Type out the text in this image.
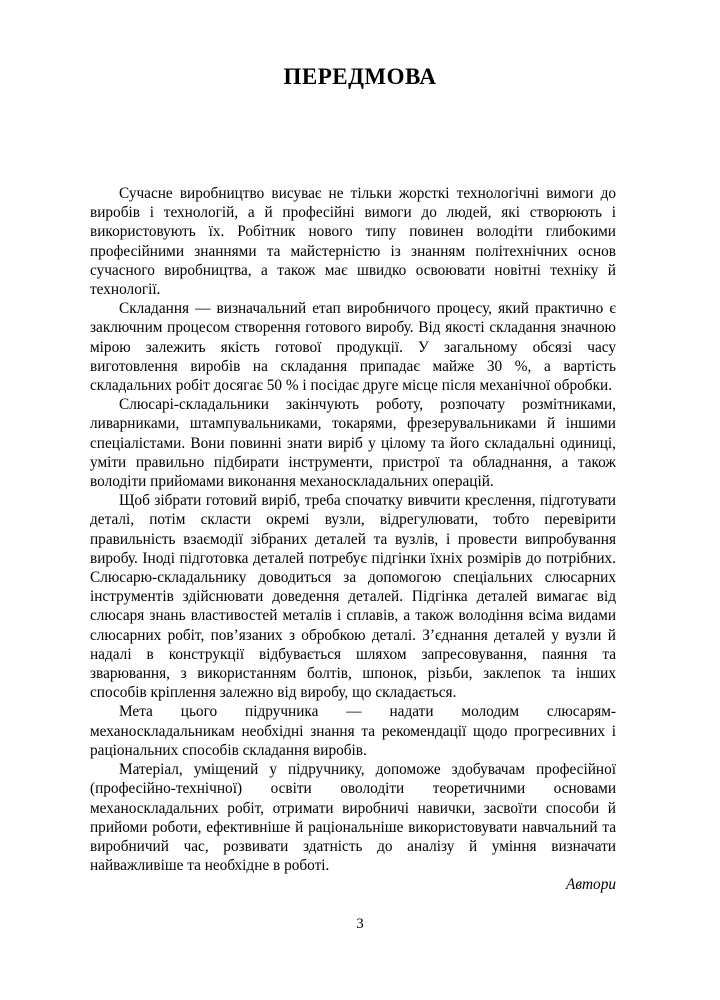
ПЕРЕДМОВА

Сучасне виробництво висуває не тільки жорсткі технологічні вимоги до виробів і технологій, а й професійні вимоги до людей, які створюють і використовують їх. Робітник нового типу повинен володіти глибокими професійними знаннями та майстерністю із знанням політехнічних основ сучасного виробництва, а також має швидко освоювати новітні техніку й технології.

Складання — визначальний етап виробничого процесу, який практично є заключним процесом створення готового виробу. Від якості складання значною мірою залежить якість готової продукції. У загальному обсязі часу виготовлення виробів на складання припадає майже 30 %, а вартість складальних робіт досягає 50 % і посідає друге місце після механічної обробки.

Слюсарі-складальники закінчують роботу, розпочату розмітниками, ливарниками, штампувальниками, токарями, фрезерувальниками й іншими спеціалістами. Вони повинні знати виріб у цілому та його складальні одиниці, уміти правильно підбирати інструменти, пристрої та обладнання, а також володіти прийомами виконання механоскладальних операцій.

Щоб зібрати готовий виріб, треба спочатку вивчити креслення, підготувати деталі, потім скласти окремі вузли, відрегулювати, тобто перевірити правильність взаємодії зібраних деталей та вузлів, і провести випробування виробу. Іноді підготовка деталей потребує підгінки їхніх розмірів до потрібних. Слюсарю-складальнику доводиться за допомогою спеціальних слюсарних інструментів здійснювати доведення деталей. Підгінка деталей вимагає від слюсаря знань властивостей металів і сплавів, а також володіння всіма видами слюсарних робіт, пов’язаних з обробкою деталі. З’єднання деталей у вузли й надалі в конструкції відбувається шляхом запресовування, паяння та зварювання, з використанням болтів, шпонок, різьби, заклепок та інших способів кріплення залежно від виробу, що складається.

Мета цього підручника — надати молодим слюсарям-механоскладальникам необхідні знання та рекомендації щодо прогресивних і раціональних способів складання виробів.

Матеріал, уміщений у підручнику, допоможе здобувачам професійної (професійно-технічної) освіти оволодіти теоретичними основами механоскладальних робіт, отримати виробничі навички, засвоїти способи й прийоми роботи, ефективніше й раціональніше використовувати навчальний та виробничий час, розвивати здатність до аналізу й уміння визначати найважливіше та необхідне в роботі.

Автори

3
